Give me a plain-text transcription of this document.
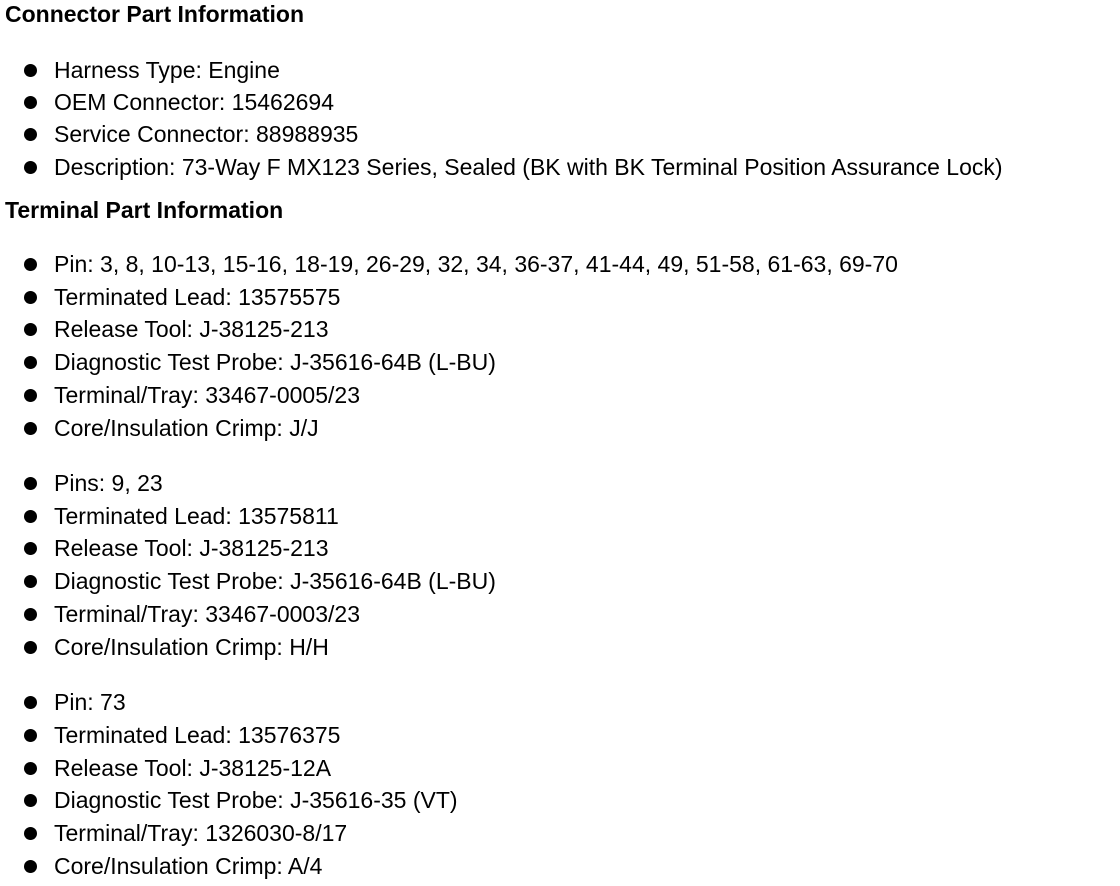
Connector Part Information
Harness Type: Engine
OEM Connector: 15462694
Service Connector: 88988935
Description: 73-Way F MX123 Series, Sealed (BK with BK Terminal Position Assurance Lock)
Terminal Part Information
Pin: 3, 8, 10-13, 15-16, 18-19, 26-29, 32, 34, 36-37, 41-44, 49, 51-58, 61-63, 69-70
Terminated Lead: 13575575
Release Tool: J-38125-213
Diagnostic Test Probe: J-35616-64B (L-BU)
Terminal/Tray: 33467-0005/23
Core/Insulation Crimp: J/J
Pins: 9, 23
Terminated Lead: 13575811
Release Tool: J-38125-213
Diagnostic Test Probe: J-35616-64B (L-BU)
Terminal/Tray: 33467-0003/23
Core/Insulation Crimp: H/H
Pin: 73
Terminated Lead: 13576375
Release Tool: J-38125-12A
Diagnostic Test Probe: J-35616-35 (VT)
Terminal/Tray: 1326030-8/17
Core/Insulation Crimp: A/4
